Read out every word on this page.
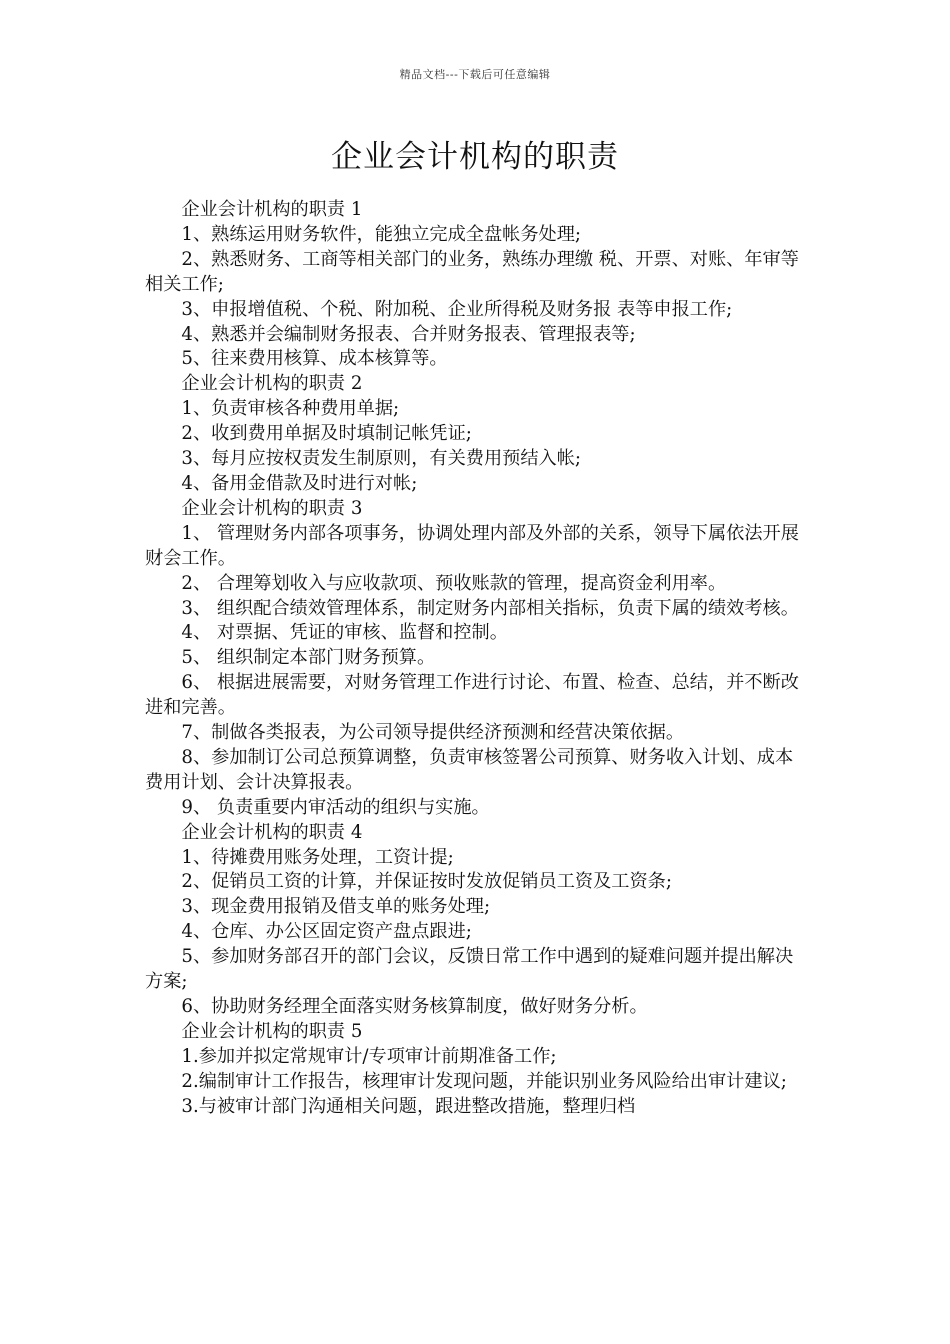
精品文档---下载后可任意编辑
企业会计机构的职责

企业会计机构的职责 1

1、熟练运用财务软件，能独立完成全盘帐务处理;

2、熟悉财务、工商等相关部门的业务，熟练办理缴 税、开票、对账、年审等相关工作;

3、申报增值税、个税、附加税、企业所得税及财务报 表等申报工作;

4、熟悉并会编制财务报表、合并财务报表、管理报表等;

5、往来费用核算、成本核算等。

企业会计机构的职责 2

1、负责审核各种费用单据;

2、收到费用单据及时填制记帐凭证;

3、每月应按权责发生制原则，有关费用预结入帐;

4、备用金借款及时进行对帐;

企业会计机构的职责 3

1、 管理财务内部各项事务，协调处理内部及外部的关系，领导下属依法开展财会工作。

2、 合理筹划收入与应收款项、预收账款的管理，提高资金利用率。

3、 组织配合绩效管理体系，制定财务内部相关指标，负责下属的绩效考核。

4、 对票据、凭证的审核、监督和控制。

5、 组织制定本部门财务预算。

6、 根据进展需要，对财务管理工作进行讨论、布置、检查、总结，并不断改进和完善。

7、制做各类报表，为公司领导提供经济预测和经营决策依据。

8、参加制订公司总预算调整，负责审核签署公司预算、财务收入计划、成本费用计划、会计决算报表。

9、 负责重要内审活动的组织与实施。

企业会计机构的职责 4

1、待摊费用账务处理，工资计提;

2、促销员工资的计算，并保证按时发放促销员工资及工资条;

3、现金费用报销及借支单的账务处理;

4、仓库、办公区固定资产盘点跟进;

5、参加财务部召开的部门会议，反馈日常工作中遇到的疑难问题并提出解决方案;

6、协助财务经理全面落实财务核算制度，做好财务分析。

企业会计机构的职责 5

1.参加并拟定常规审计/专项审计前期准备工作;

2.编制审计工作报告，核理审计发现问题，并能识别业务风险给出审计建议;

3.与被审计部门沟通相关问题，跟进整改措施，整理归档
